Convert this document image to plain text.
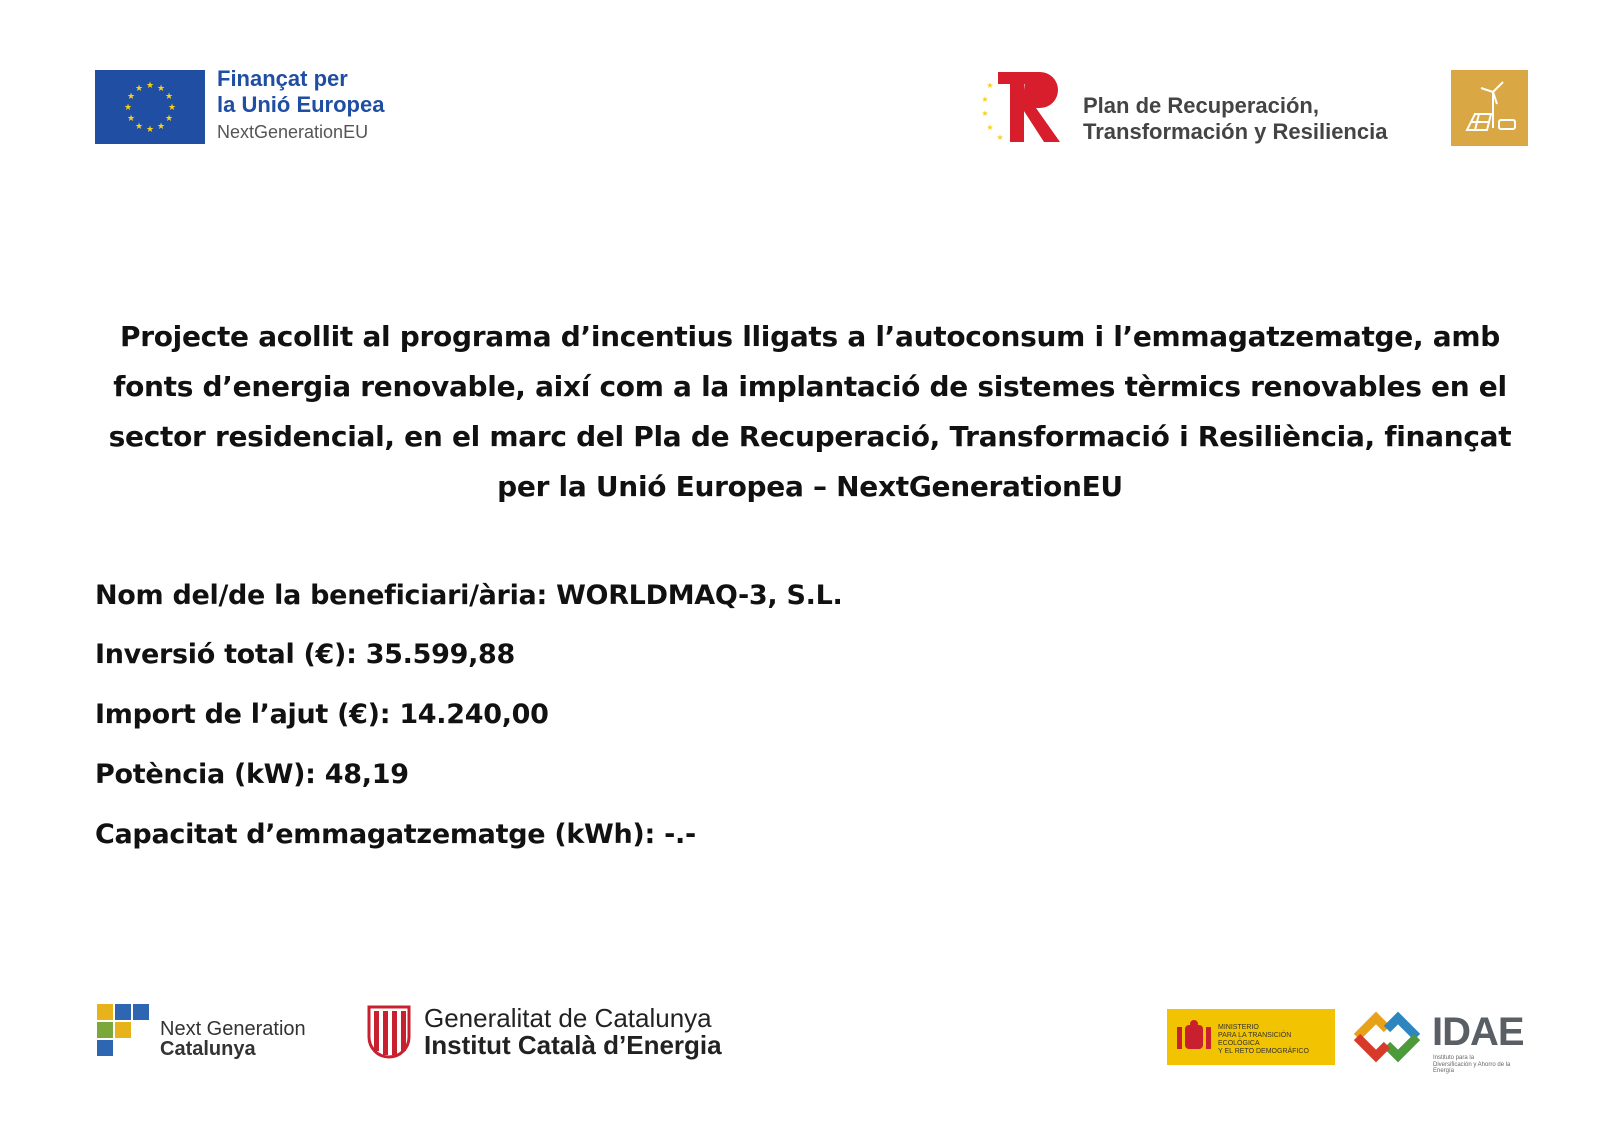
★ ★
★
★
★
★
★
★
★
★
★
★	Finançat per
la Unió Europea
NextGenerationEU
★
★
★
★
★
Plan de Recuperación,
Transformación y Resiliencia
Projecte acollit al programa d’incentius lligats a l’autoconsum i l’emmagatzematge, amb fonts d’energia renovable, així com a la implantació de sistemes tèrmics renovables en el sector residencial, en el marc del Pla de Recuperació, Transformació i Resiliència, finançat per la Unió Europea – NextGenerationEU
Nom del/de la beneficiari/ària: WORLDMAQ-3, S.L.
Inversió total (€): 35.599,88
Import de l’ajut (€): 14.240,00
Potència (kW): 48,19
Capacitat d’emmagatzematge (kWh): -.-
Next Generation
Catalunya
Generalitat de Catalunya
Institut Català d’Energia
MINISTERIO
PARA LA TRANSICIÓN ECOLÓGICA
Y EL RETO DEMOGRÁFICO	IDAE
Instituto para la Diversificación y Ahorro de la Energía
